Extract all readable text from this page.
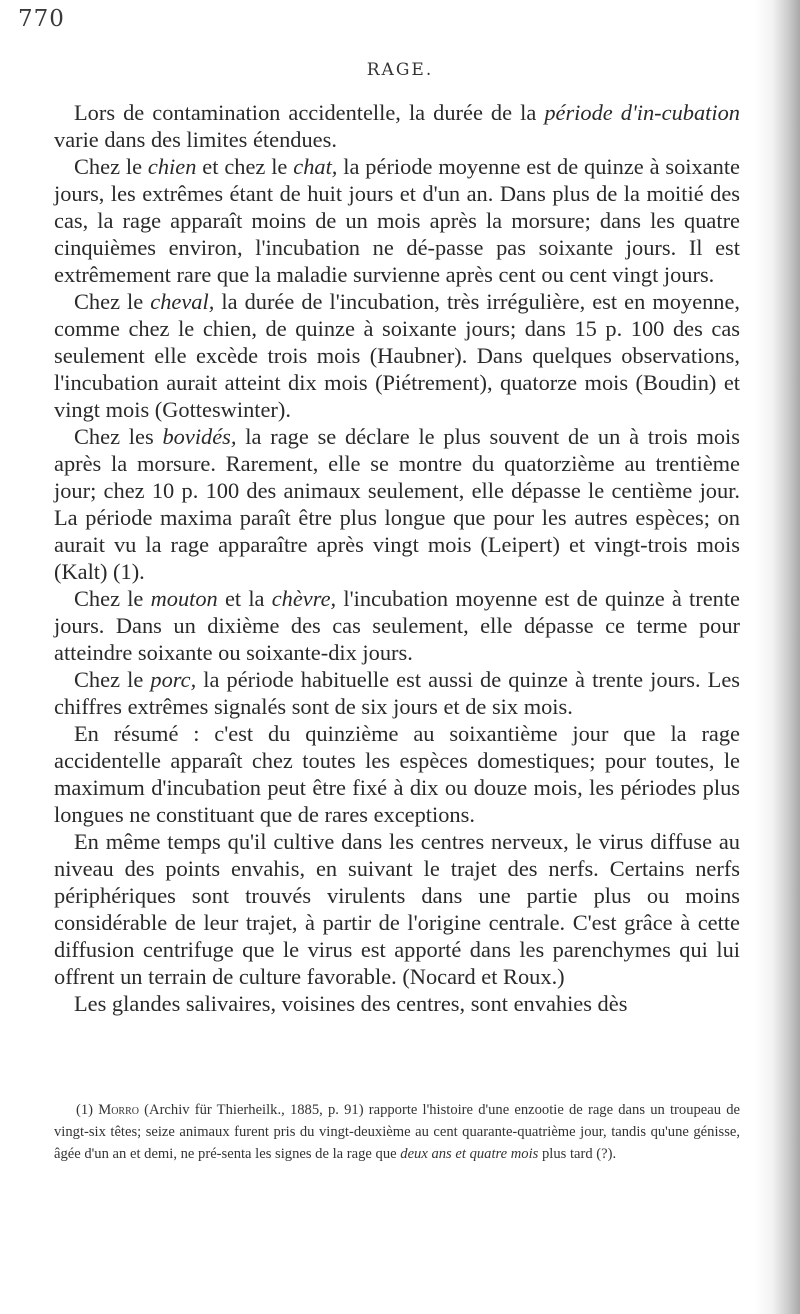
770
RAGE.

Lors de contamination accidentelle, la durée de la période d'in-cubation varie dans des limites étendues.

Chez le chien et chez le chat, la période moyenne est de quinze à soixante jours, les extrêmes étant de huit jours et d'un an. Dans plus de la moitié des cas, la rage apparaît moins de un mois après la morsure; dans les quatre cinquièmes environ, l'incubation ne dé-passe pas soixante jours. Il est extrêmement rare que la maladie survienne après cent ou cent vingt jours.

Chez le cheval, la durée de l'incubation, très irrégulière, est en moyenne, comme chez le chien, de quinze à soixante jours; dans 15 p. 100 des cas seulement elle excède trois mois (Haubner). Dans quelques observations, l'incubation aurait atteint dix mois (Piétrement), quatorze mois (Boudin) et vingt mois (Gotteswinter).

Chez les bovidés, la rage se déclare le plus souvent de un à trois mois après la morsure. Rarement, elle se montre du quatorzième au trentième jour; chez 10 p. 100 des animaux seulement, elle dépasse le centième jour. La période maxima paraît être plus longue que pour les autres espèces; on aurait vu la rage apparaître après vingt mois (Leipert) et vingt-trois mois (Kalt) (1).

Chez le mouton et la chèvre, l'incubation moyenne est de quinze à trente jours. Dans un dixième des cas seulement, elle dépasse ce terme pour atteindre soixante ou soixante-dix jours.

Chez le porc, la période habituelle est aussi de quinze à trente jours. Les chiffres extrêmes signalés sont de six jours et de six mois.

En résumé : c'est du quinzième au soixantième jour que la rage accidentelle apparaît chez toutes les espèces domestiques; pour toutes, le maximum d'incubation peut être fixé à dix ou douze mois, les périodes plus longues ne constituant que de rares exceptions.

En même temps qu'il cultive dans les centres nerveux, le virus diffuse au niveau des points envahis, en suivant le trajet des nerfs. Certains nerfs périphériques sont trouvés virulents dans une partie plus ou moins considérable de leur trajet, à partir de l'origine centrale. C'est grâce à cette diffusion centrifuge que le virus est apporté dans les parenchymes qui lui offrent un terrain de culture favorable. (Nocard et Roux.)

Les glandes salivaires, voisines des centres, sont envahies dès

(1) Morro (Archiv für Thierheilk., 1885, p. 91) rapporte l'histoire d'une enzootie de rage dans un troupeau de vingt-six têtes; seize animaux furent pris du vingt-deuxième au cent quarante-quatrième jour, tandis qu'une génisse, âgée d'un an et demi, ne pré-senta les signes de la rage que deux ans et quatre mois plus tard (?).
